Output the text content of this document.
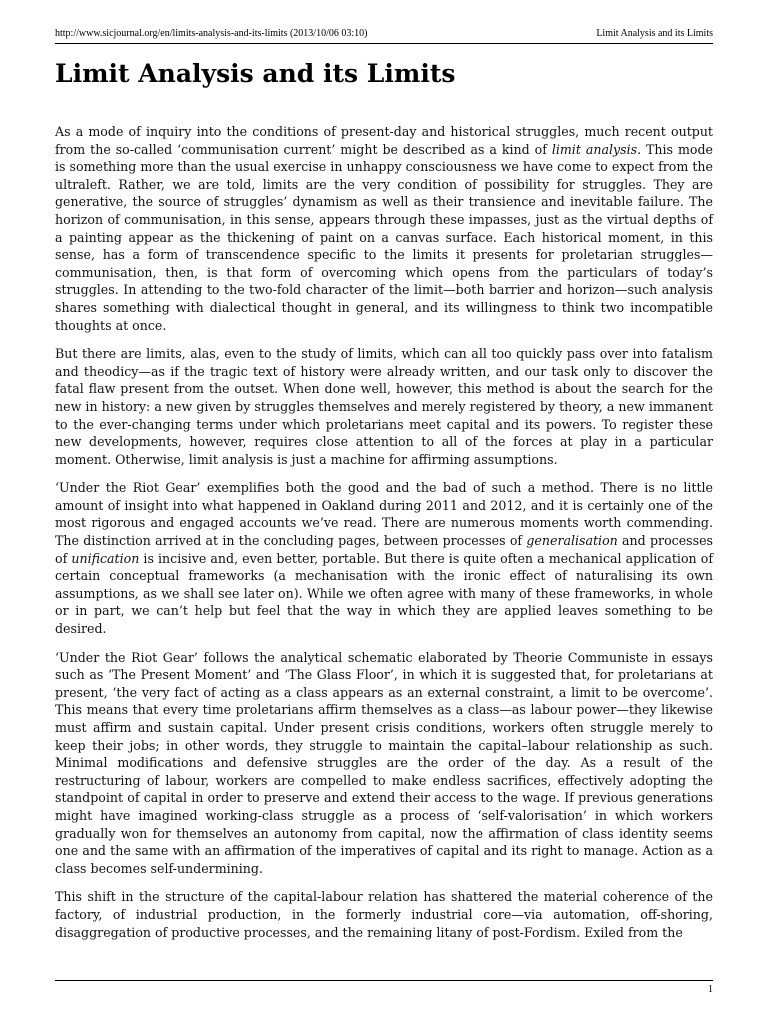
http://www.sicjournal.org/en/limits-analysis-and-its-limits (2013/10/06 03:10)	Limit Analysis and its Limits
Limit Analysis and its Limits

As a mode of inquiry into the conditions of present-day and historical struggles, much recent output from the so-called ‘communisation current’ might be described as a kind of limit analysis. This mode is something more than the usual exercise in unhappy consciousness we have come to expect from the ultraleft. Rather, we are told, limits are the very condition of possibility for struggles. They are generative, the source of struggles’ dynamism as well as their transience and inevitable failure. The horizon of communisation, in this sense, appears through these impasses, just as the virtual depths of a painting appear as the thickening of paint on a canvas surface. Each historical moment, in this sense, has a form of transcendence specific to the limits it presents for proletarian struggles—communisation, then, is that form of overcoming which opens from the particulars of today’s struggles. In attending to the two-fold character of the limit—both barrier and horizon—such analysis shares something with dialectical thought in general, and its willingness to think two incompatible thoughts at once.

But there are limits, alas, even to the study of limits, which can all too quickly pass over into fatalism and theodicy—as if the tragic text of history were already written, and our task only to discover the fatal flaw present from the outset. When done well, however, this method is about the search for the new in history: a new given by struggles themselves and merely registered by theory, a new immanent to the ever-changing terms under which proletarians meet capital and its powers. To register these new developments, however, requires close attention to all of the forces at play in a particular moment. Otherwise, limit analysis is just a machine for affirming assumptions.

‘Under the Riot Gear’ exemplifies both the good and the bad of such a method. There is no little amount of insight into what happened in Oakland during 2011 and 2012, and it is certainly one of the most rigorous and engaged accounts we’ve read. There are numerous moments worth commending. The distinction arrived at in the concluding pages, between processes of generalisation and processes of unification is incisive and, even better, portable. But there is quite often a mechanical application of certain conceptual frameworks (a mechanisation with the ironic effect of naturalising its own assumptions, as we shall see later on). While we often agree with many of these frameworks, in whole or in part, we can’t help but feel that the way in which they are applied leaves something to be desired.

‘Under the Riot Gear’ follows the analytical schematic elaborated by Theorie Communiste in essays such as ‘The Present Moment’ and ‘The Glass Floor’, in which it is suggested that, for proletarians at present, ‘the very fact of acting as a class appears as an external constraint, a limit to be overcome’. This means that every time proletarians affirm themselves as a class—as labour power—they likewise must affirm and sustain capital. Under present crisis conditions, workers often struggle merely to keep their jobs; in other words, they struggle to maintain the capital–labour relationship as such. Minimal modifications and defensive struggles are the order of the day. As a result of the restructuring of labour, workers are compelled to make endless sacrifices, effectively adopting the standpoint of capital in order to preserve and extend their access to the wage. If previous generations might have imagined working-class struggle as a process of ‘self-valorisation’ in which workers gradually won for themselves an autonomy from capital, now the affirmation of class identity seems one and the same with an affirmation of the imperatives of capital and its right to manage. Action as a class becomes self-undermining.

This shift in the structure of the capital-labour relation has shattered the material coherence of the factory, of industrial production, in the formerly industrial core—via automation, off-shoring, disaggregation of productive processes, and the remaining litany of post-Fordism. Exiled from the

1
